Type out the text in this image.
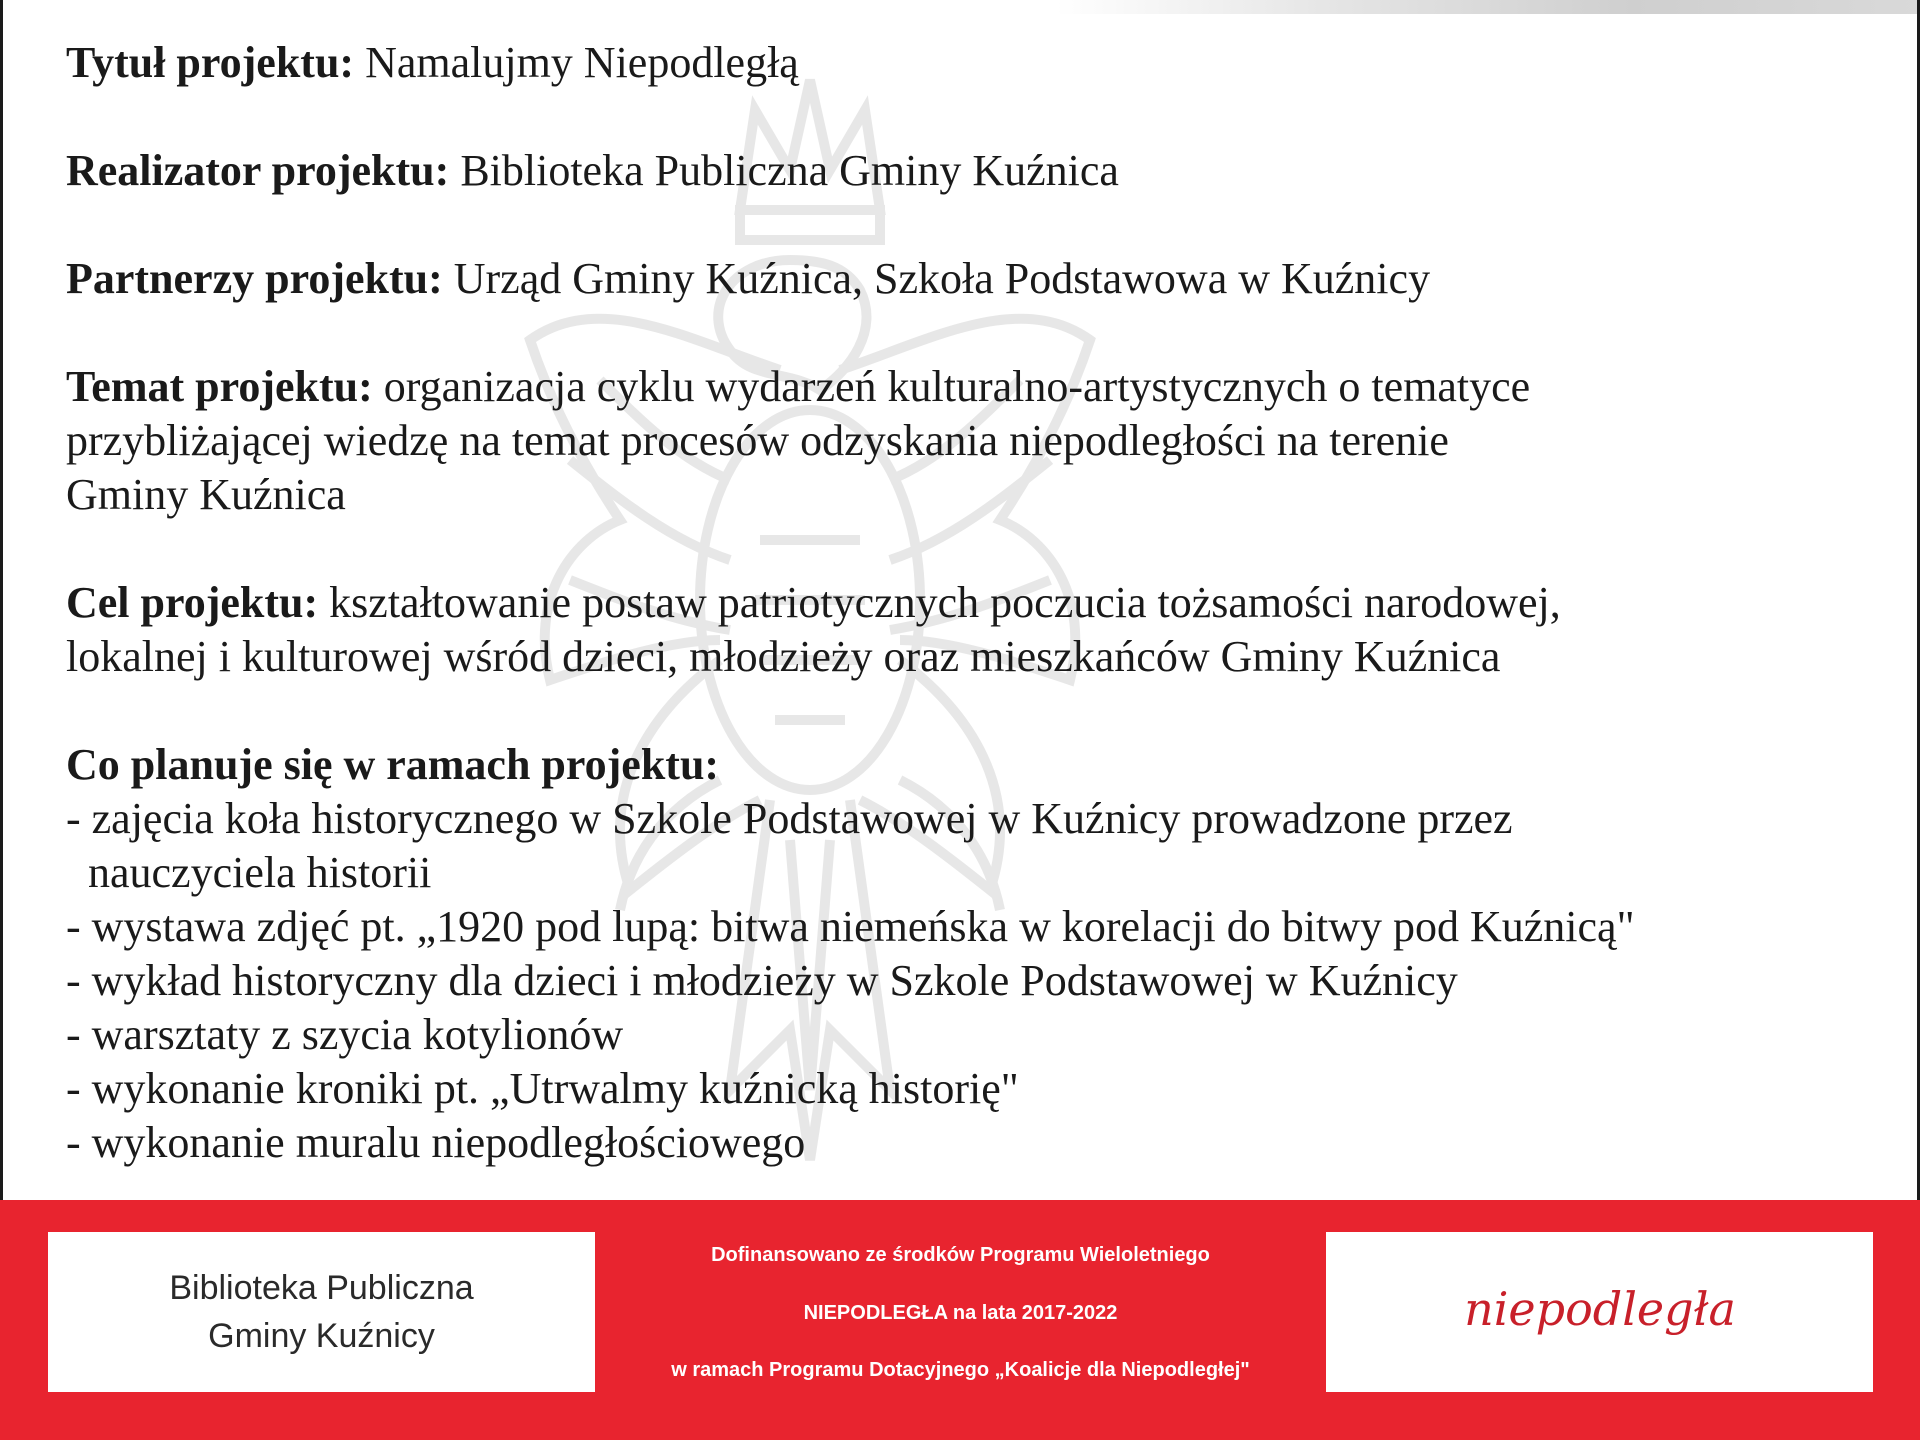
Tytuł projektu: Namalujmy Niepodległą
Realizator projektu: Biblioteka Publiczna Gminy Kuźnica
Partnerzy projektu: Urząd Gminy Kuźnica, Szkoła Podstawowa w Kuźnicy
Temat projektu: organizacja cyklu wydarzeń kulturalno-artystycznych o tematyce
przybliżającej wiedzę na temat procesów odzyskania niepodległości na terenie
Gminy Kuźnica
Cel projektu: kształtowanie postaw patriotycznych poczucia tożsamości narodowej,
lokalnej i kulturowej wśród dzieci, młodzieży oraz mieszkańców Gminy Kuźnica
Co planuje się w ramach projektu:
- zajęcia koła historycznego w Szkole Podstawowej w Kuźnicy prowadzone przez
nauczyciela historii
- wystawa zdjęć pt. „1920 pod lupą: bitwa niemeńska w korelacji do bitwy pod Kuźnicą"
- wykład historyczny dla dzieci i młodzieży w Szkole Podstawowej w Kuźnicy
- warsztaty z szycia kotylionów
- wykonanie kroniki pt. „Utrwalmy kuźnicką historię"
- wykonanie muralu niepodległościowego
Biblioteka Publiczna
Gminy Kuźnicy
Dofinansowano ze środków Programu Wieloletniego
NIEPODLEGŁA na lata 2017-2022
w ramach Programu Dotacyjnego „Koalicje dla Niepodległej"
niepodległa
